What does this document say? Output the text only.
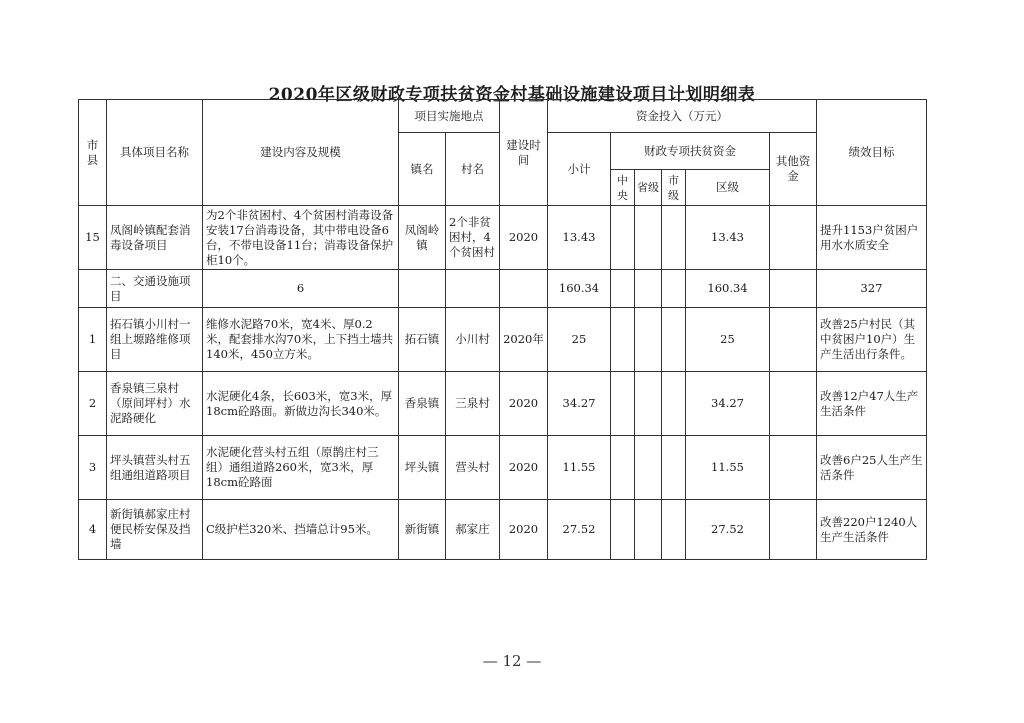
2020年区级财政专项扶贫资金村基础设施建设项目计划明细表
市县	具体项目名称	建设内容及规模	项目实施地点		建设时间	资金投入（万元）						绩效目标
			镇名	村名		小计	财政专项扶贫资金				其他资金	
							中央	省级	市级	区级		
15	凤阁岭镇配套消毒设备项目	为2个非贫困村、4个贫困村消毒设备安装17台消毒设备，其中带电设备6台，不带电设备11台；消毒设备保护柜10个。	凤阁岭镇	2个非贫困村，4个贫困村	2020	13.43				13.43		提升1153户贫困户用水水质安全
	二、交通设施项目	6				160.34				160.34		327
1	拓石镇小川村一组上塬路维修项目	维修水泥路70米，宽4米、厚0.2米，配套排水沟70米，上下挡土墙共140米，450立方米。	拓石镇	小川村	2020年	25				25		改善25户村民（其中贫困户10户）生产生活出行条件。
2	香泉镇三泉村（原间坪村）水泥路硬化	水泥硬化4条，长603米，宽3米，厚18cm砼路面。新做边沟长340米。	香泉镇	三泉村	2020	34.27				34.27		改善12户47人生产生活条件
3	坪头镇营头村五组通组道路项目	水泥硬化营头村五组（原鹊庄村三组）通组道路260米，宽3米，厚18cm砼路面	坪头镇	营头村	2020	11.55				11.55		改善6户25人生产生活条件
4	新街镇郝家庄村便民桥安保及挡墙	C级护栏320米、挡墙总计95米。	新街镇	郝家庄	2020	27.52				27.52		改善220户1240人生产生活条件
— 12 —
